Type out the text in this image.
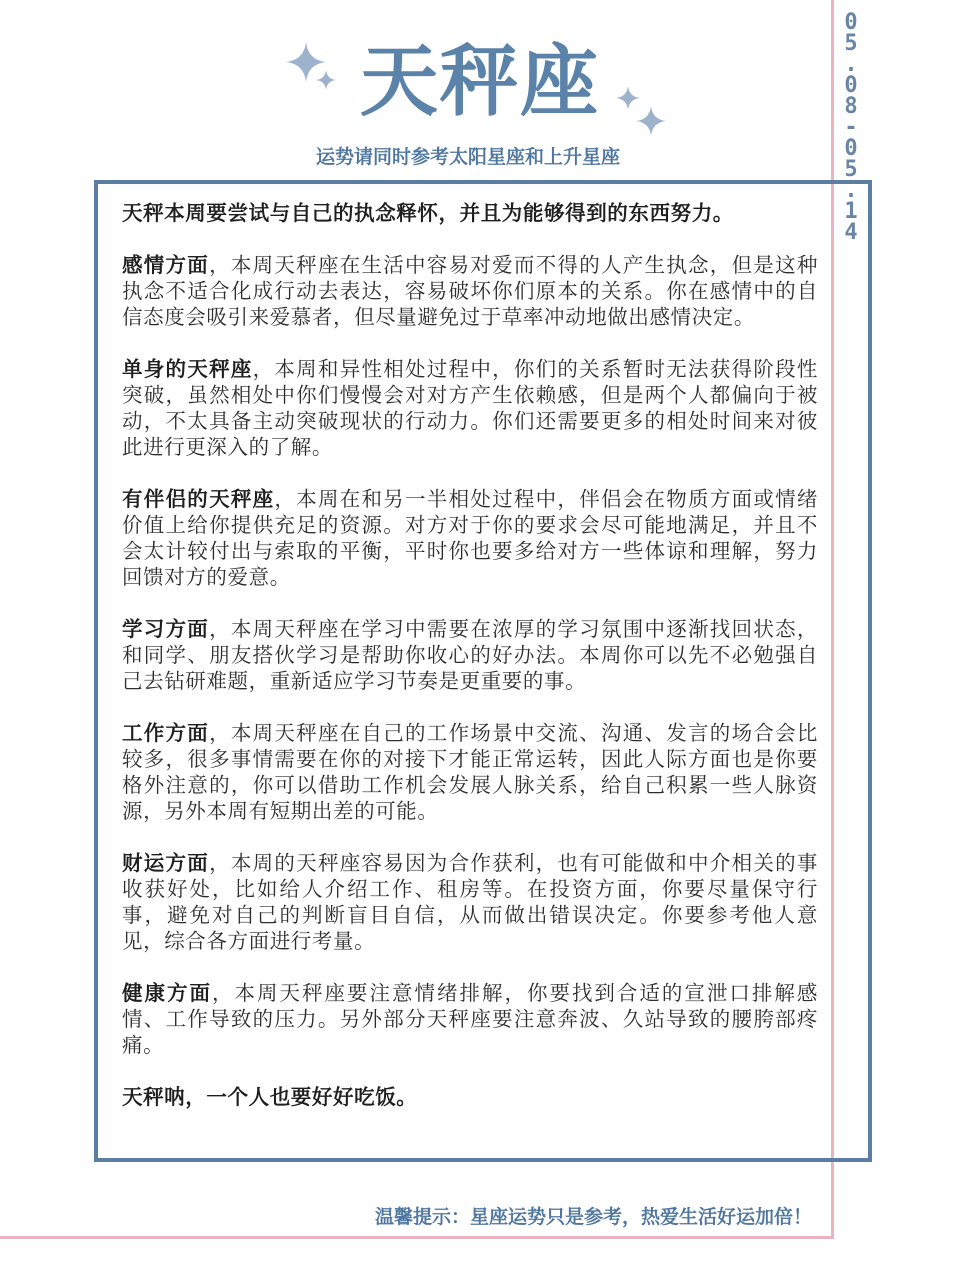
0
5
.
0
8
-
0
5
.
1
4
天秤座
运势请同时参考太阳星座和上升星座

天秤本周要尝试与自己的执念释怀，并且为能够得到的东西努力。

感情方面，本周天秤座在生活中容易对爱而不得的人产生执念，但是这种执念不适合化成行动去表达，容易破坏你们原本的关系。你在感情中的自信态度会吸引来爱慕者，但尽量避免过于草率冲动地做出感情决定。

单身的天秤座，本周和异性相处过程中，你们的关系暂时无法获得阶段性突破，虽然相处中你们慢慢会对对方产生依赖感，但是两个人都偏向于被动，不太具备主动突破现状的行动力。你们还需要更多的相处时间来对彼此进行更深入的了解。

有伴侣的天秤座，本周在和另一半相处过程中，伴侣会在物质方面或情绪价值上给你提供充足的资源。对方对于你的要求会尽可能地满足，并且不会太计较付出与索取的平衡，平时你也要多给对方一些体谅和理解，努力回馈对方的爱意。

学习方面，本周天秤座在学习中需要在浓厚的学习氛围中逐渐找回状态，和同学、朋友搭伙学习是帮助你收心的好办法。本周你可以先不必勉强自己去钻研难题，重新适应学习节奏是更重要的事。

工作方面，本周天秤座在自己的工作场景中交流、沟通、发言的场合会比较多，很多事情需要在你的对接下才能正常运转，因此人际方面也是你要格外注意的，你可以借助工作机会发展人脉关系，给自己积累一些人脉资源，另外本周有短期出差的可能。

财运方面，本周的天秤座容易因为合作获利，也有可能做和中介相关的事收获好处，比如给人介绍工作、租房等。在投资方面，你要尽量保守行事，避免对自己的判断盲目自信，从而做出错误决定。你要参考他人意见，综合各方面进行考量。

健康方面，本周天秤座要注意情绪排解，你要找到合适的宣泄口排解感情、工作导致的压力。另外部分天秤座要注意奔波、久站导致的腰胯部疼痛。

天秤呐，一个人也要好好吃饭。

温馨提示：星座运势只是参考，热爱生活好运加倍！
